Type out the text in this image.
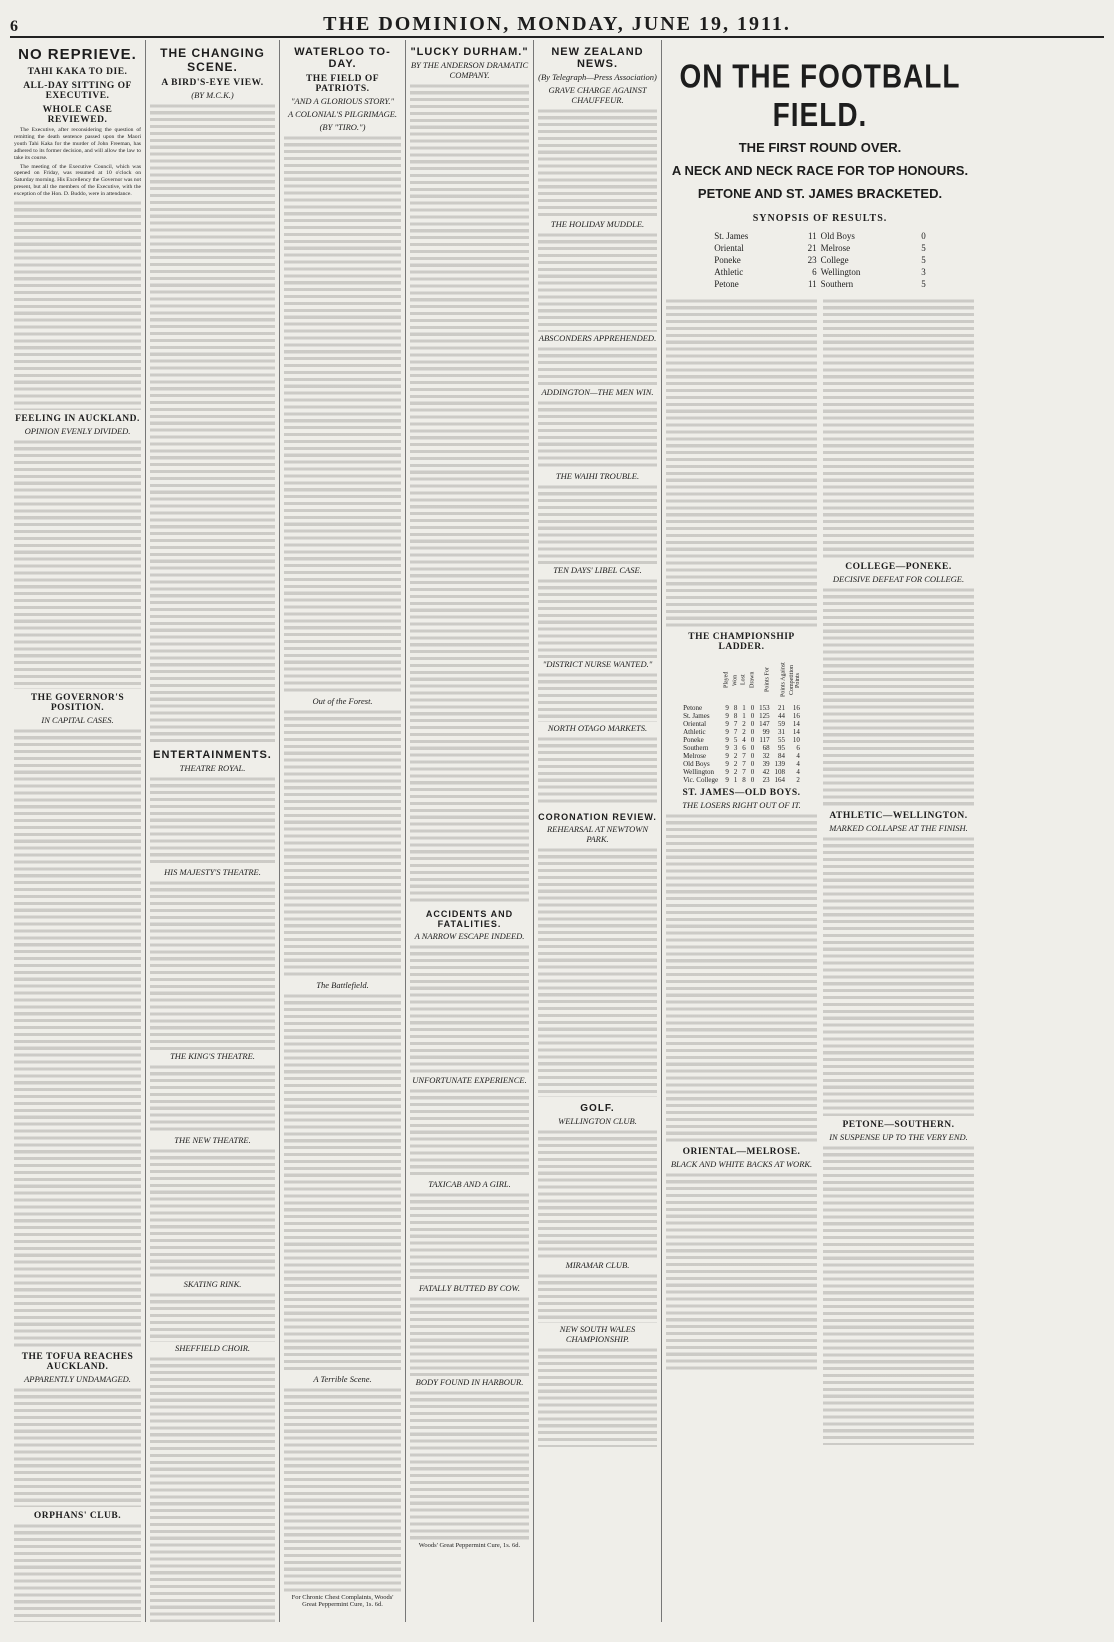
6	THE DOMINION, MONDAY, JUNE 19, 1911.
NO REPRIEVE.
TAHI KAKA TO DIE.
ALL-DAY SITTING OF EXECUTIVE.
WHOLE CASE REVIEWED.

The Executive, after reconsidering the question of remitting the death sentence passed upon the Maori youth Tahi Kaka for the murder of John Freeman, has adhered to its former decision, and will allow the law to take its course.

The meeting of the Executive Council, which was opened on Friday, was resumed at 10 o'clock on Saturday morning. His Excellency the Governor was not present, but all the members of the Executive, with the exception of the Hon. D. Buddo, were in attendance.

FEELING IN AUCKLAND.
OPINION EVENLY DIVIDED.
THE GOVERNOR'S POSITION.
IN CAPITAL CASES.
THE TOFUA REACHES AUCKLAND.
APPARENTLY UNDAMAGED.
ORPHANS' CLUB.
THE CHANGING SCENE.
A BIRD'S-EYE VIEW.
(BY M.C.K.)
ENTERTAINMENTS.
THEATRE ROYAL.
HIS MAJESTY'S THEATRE.
THE KING'S THEATRE.
THE NEW THEATRE.
SKATING RINK.
SHEFFIELD CHOIR.
WATERLOO TO-DAY.
THE FIELD OF PATRIOTS.
"AND A GLORIOUS STORY."
A COLONIAL'S PILGRIMAGE.
(BY "TIRO.")
Out of the Forest.
The Battlefield.
A Terrible Scene.
For Chronic Chest Complaints, Woods' Great Peppermint Cure, 1s. 6d.
"LUCKY DURHAM."
BY THE ANDERSON DRAMATIC COMPANY.
ACCIDENTS AND FATALITIES.
A NARROW ESCAPE INDEED.
UNFORTUNATE EXPERIENCE.
TAXICAB AND A GIRL.
FATALLY BUTTED BY COW.
BODY FOUND IN HARBOUR.
Woods' Great Peppermint Cure, 1s. 6d.
NEW ZEALAND NEWS.
(By Telegraph—Press Association)
GRAVE CHARGE AGAINST CHAUFFEUR.
THE HOLIDAY MUDDLE.
ABSCONDERS APPREHENDED.
ADDINGTON—THE MEN WIN.
THE WAIHI TROUBLE.
TEN DAYS' LIBEL CASE.
"DISTRICT NURSE WANTED."
NORTH OTAGO MARKETS.
CORONATION REVIEW.
REHEARSAL AT NEWTOWN PARK.
GOLF.
WELLINGTON CLUB.
MIRAMAR CLUB.
NEW SOUTH WALES CHAMPIONSHIP.
ON THE FOOTBALL FIELD.
THE FIRST ROUND OVER.
A NECK AND NECK RACE FOR TOP HONOURS.
PETONE AND ST. JAMES BRACKETED.
SYNOPSIS OF RESULTS.
St. James	11	Old Boys	0
Oriental	21	Melrose	5
Poneke	23	College	5
Athletic	6	Wellington	3
Petone	11	Southern	5
THE CHAMPIONSHIP LADDER.
	Played	Won	Lost	Drawn	Points For	Points Against	Competition Points
Petone	9	8	1	0	153	21	16
St. James	9	8	1	0	125	44	16
Oriental	9	7	2	0	147	59	14
Athletic	9	7	2	0	99	31	14
Poneke	9	5	4	0	117	55	10
Southern	9	3	6	0	68	95	6
Melrose	9	2	7	0	32	84	4
Old Boys	9	2	7	0	39	139	4
Wellington	9	2	7	0	42	108	4
Vic. College	9	1	8	0	23	164	2
ST. JAMES—OLD BOYS.
THE LOSERS RIGHT OUT OF IT.
ORIENTAL—MELROSE.
BLACK AND WHITE BACKS AT WORK.
COLLEGE—PONEKE.
DECISIVE DEFEAT FOR COLLEGE.
ATHLETIC—WELLINGTON.
MARKED COLLAPSE AT THE FINISH.
PETONE—SOUTHERN.
IN SUSPENSE UP TO THE VERY END.
